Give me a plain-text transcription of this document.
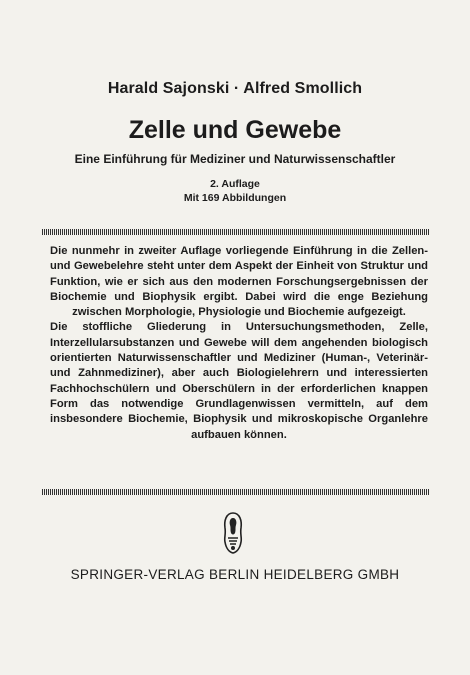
Harald Sajonski · Alfred Smollich
Zelle und Gewebe
Eine Einführung für Mediziner und Naturwissenschaftler
2. Auflage
Mit 169 Abbildungen

Die nunmehr in zweiter Auflage vorliegende Einführung in die Zellen- und Gewebelehre steht unter dem Aspekt der Einheit von Struktur und Funktion, wie er sich aus den modernen Forschungsergebnissen der Biochemie und Biophysik ergibt. Dabei wird die enge Beziehung zwischen Morphologie, Physiologie und Biochemie aufgezeigt.

Die stoffliche Gliederung in Untersuchungsmethoden, Zelle, Interzellularsubstanzen und Gewebe will dem angehenden biologisch orientierten Naturwissenschaftler und Mediziner (Human-, Veterinär- und Zahnmediziner), aber auch Biologielehrern und interessierten Fachhochschülern und Oberschülern in der erforderlichen knappen Form das notwendige Grundlagenwissen vermitteln, auf dem insbesondere Biochemie, Biophysik und mikroskopische Organlehre aufbauen können.

SPRINGER-VERLAG BERLIN HEIDELBERG GMBH
